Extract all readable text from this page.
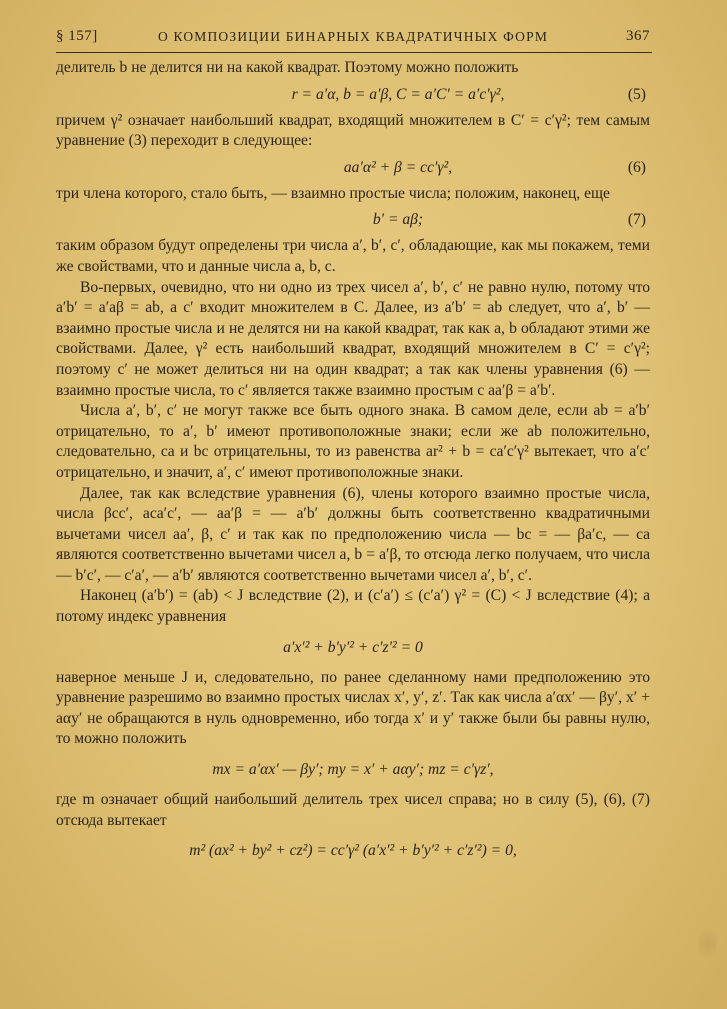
§ 157]	О КОМПОЗИЦИИ БИНАРНЫХ КВАДРАТИЧНЫХ ФОРМ	367

делитель b не делится ни на какой квадрат. Поэтому можно положить

r = a′α, b = a′β, C = a′C′ = a′c′γ²,	(5)

причем γ² означает наибольший квадрат, входящий множителем в C′ = c′γ²; тем самым уравнение (3) переходит в следующее:

aa′α² + β = cc′γ²,	(6)

три члена которого, стало быть, — взаимно простые числа; положим, наконец, еще

b′ = aβ;	(7)

таким образом будут определены три числа a′, b′, c′, обладающие, как мы покажем, теми же свойствами, что и данные числа a, b, c.

Во-первых, очевидно, что ни одно из трех чисел a′, b′, c′ не равно нулю, потому что a′b′ = a′aβ = ab, а c′ входит множителем в C. Далее, из a′b′ = ab следует, что a′, b′ — взаимно простые числа и не делятся ни на какой квадрат, так как a, b обладают этими же свойствами. Далее, γ² есть наибольший квадрат, входящий множителем в C′ = c′γ²; поэтому c′ не может делиться ни на один квадрат; а так как члены уравнения (6) — взаимно простые числа, то c′ является также взаимно простым с aa′β = a′b′.

Числа a′, b′, c′ не могут также все быть одного знака. В самом деле, если ab = a′b′ отрицательно, то a′, b′ имеют противоположные знаки; если же ab положительно, следовательно, ca и bc отрицательны, то из равенства ar² + b = ca′c′γ² вытекает, что a′c′ отрицательно, и значит, a′, c′ имеют противоположные знаки.

Далее, так как вследствие уравнения (6), члены которого взаимно простые числа, числа βcc′, aca′c′, — aa′β = — a′b′ должны быть соответственно квадратичными вычетами чисел aa′, β, c′ и так как по предположению числа — bc = — βa′c, — ca являются соответственно вычетами чисел a, b = a′β, то отсюда легко получаем, что числа — b′c′, — c′a′, — a′b′ являются соответственно вычетами чисел a′, b′, c′.

Наконец (a′b′) = (ab) < J вследствие (2), и (c′a′) ≤ (c′a′) γ² = (C) < J вследствие (4); а потому индекс уравнения

a′x′² + b′y′² + c′z′² = 0

наверное меньше J и, следовательно, по ранее сделанному нами предположению это уравнение разрешимо во взаимно простых числах x′, y′, z′. Так как числа a′αx′ — βy′, x′ + aαy′ не обращаются в нуль одновременно, ибо тогда x′ и y′ также были бы равны нулю, то можно положить

mx = a′αx′ — βy′; my = x′ + aαy′; mz = c′γz′,

где m означает общий наибольший делитель трех чисел справа; но в силу (5), (6), (7) отсюда вытекает

m² (ax² + by² + cz²) = cc′γ² (a′x′² + b′y′² + c′z′²) = 0,
